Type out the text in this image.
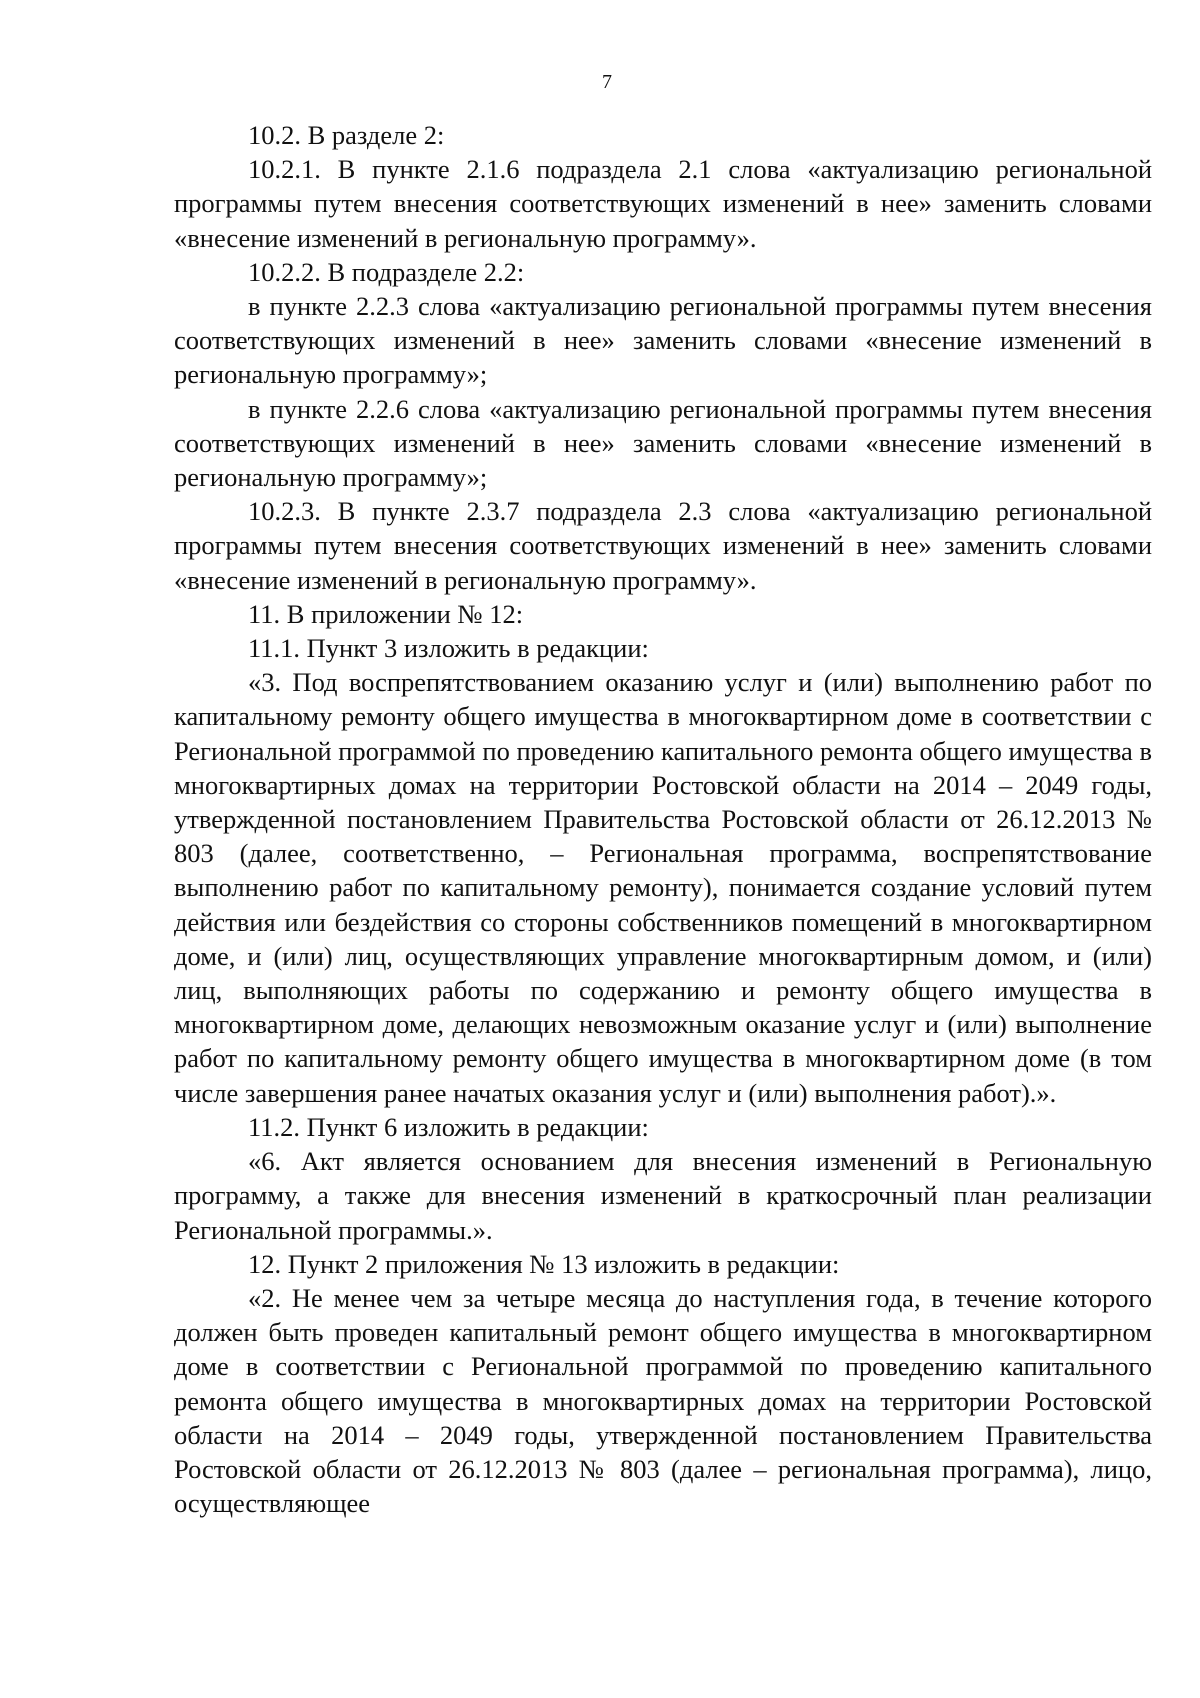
7

10.2. В разделе 2:

10.2.1. В пункте 2.1.6 подраздела 2.1 слова «актуализацию региональной программы путем внесения соответствующих изменений в нее» заменить словами «внесение изменений в региональную программу».

10.2.2. В подразделе 2.2:

в пункте 2.2.3 слова «актуализацию региональной программы путем внесения соответствующих изменений в нее» заменить словами «внесение изменений в региональную программу»;

в пункте 2.2.6 слова «актуализацию региональной программы путем внесения соответствующих изменений в нее» заменить словами «внесение изменений в региональную программу»;

10.2.3. В пункте 2.3.7 подраздела 2.3 слова «актуализацию региональной программы путем внесения соответствующих изменений в нее» заменить словами «внесение изменений в региональную программу».

11. В приложении № 12:

11.1. Пункт 3 изложить в редакции:

«3. Под воспрепятствованием оказанию услуг и (или) выполнению работ по капитальному ремонту общего имущества в многоквартирном доме в соответствии с Региональной программой по проведению капитального ремонта общего имущества в многоквартирных домах на территории Ростовской области на 2014 – 2049 годы, утвержденной постановлением Правительства Ростовской области от 26.12.2013 № 803 (далее, соответственно, – Региональная программа, воспрепятствование выполнению работ по капитальному ремонту), понимается создание условий путем действия или бездействия со стороны собственников помещений в многоквартирном доме, и (или) лиц, осуществляющих управление многоквартирным домом, и (или) лиц, выполняющих работы по содержанию и ремонту общего имущества в многоквартирном доме, делающих невозможным оказание услуг и (или) выполнение работ по капитальному ремонту общего имущества в многоквартирном доме (в том числе завершения ранее начатых оказания услуг и (или) выполнения работ).».

11.2. Пункт 6 изложить в редакции:

«6. Акт является основанием для внесения изменений в Региональную программу, а также для внесения изменений в краткосрочный план реализации Региональной программы.».

12. Пункт 2 приложения № 13 изложить в редакции:

«2. Не менее чем за четыре месяца до наступления года, в течение которого должен быть проведен капитальный ремонт общего имущества в многоквартирном доме в соответствии с Региональной программой по проведению капитального ремонта общего имущества в многоквартирных домах на территории Ростовской области на 2014 – 2049 годы, утвержденной постановлением Правительства Ростовской области от 26.12.2013 № 803 (далее – региональная программа), лицо, осуществляющее
